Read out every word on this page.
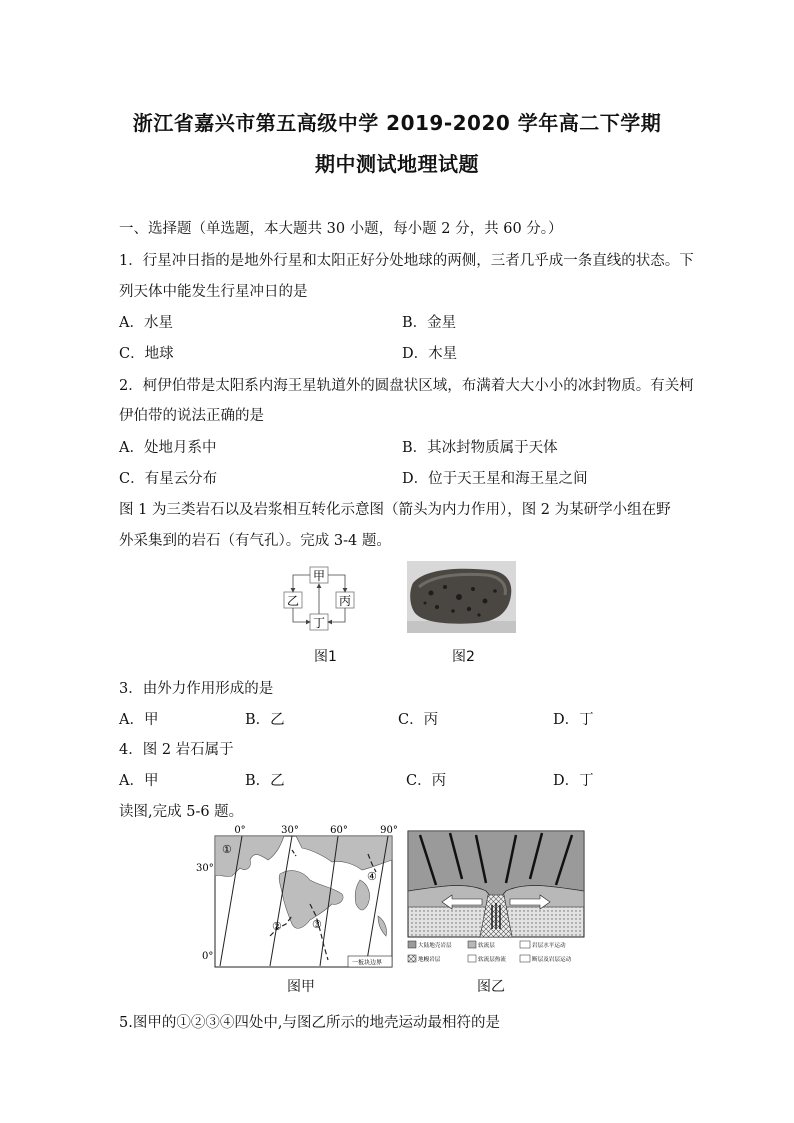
浙江省嘉兴市第五高级中学 2019-2020 学年高二下学期
期中测试地理试题
一、选择题（单选题，本大题共 30 小题，每小题 2 分，共 60 分。）
1．行星冲日指的是地外行星和太阳正好分处地球的两侧，三者几乎成一条直线的状态。下
列天体中能发生行星冲日的是
A．水星	B．金星
C．地球	D．木星
2．柯伊伯带是太阳系内海王星轨道外的圆盘状区域，布满着大大小小的冰封物质。有关柯
伊伯带的说法正确的是
A．处地月系中	B．其冰封物质属于天体
C．有星云分布	D．位于天王星和海王星之间
图 1 为三类岩石以及岩浆相互转化示意图（箭头为内力作用），图 2 为某研学小组在野
外采集到的岩石（有气孔）。完成 3-4 题。
甲
乙	丙
丁
图1	图2
3．由外力作用形成的是
A．甲	B．乙	C．丙	D．丁
4．图 2 岩石属于
A．甲	B．乙	C．丙	D．丁
读图,完成 5-6 题。
0°	30°	60°	90°
30°
0°
①
②	③
④
一板块边界
图甲
大陆地壳岩层	软流层	岩层水平运动
地幔岩层	软流层热流	断层及岩层运动
图乙
5.图甲的①②③④四处中,与图乙所示的地壳运动最相符的是
